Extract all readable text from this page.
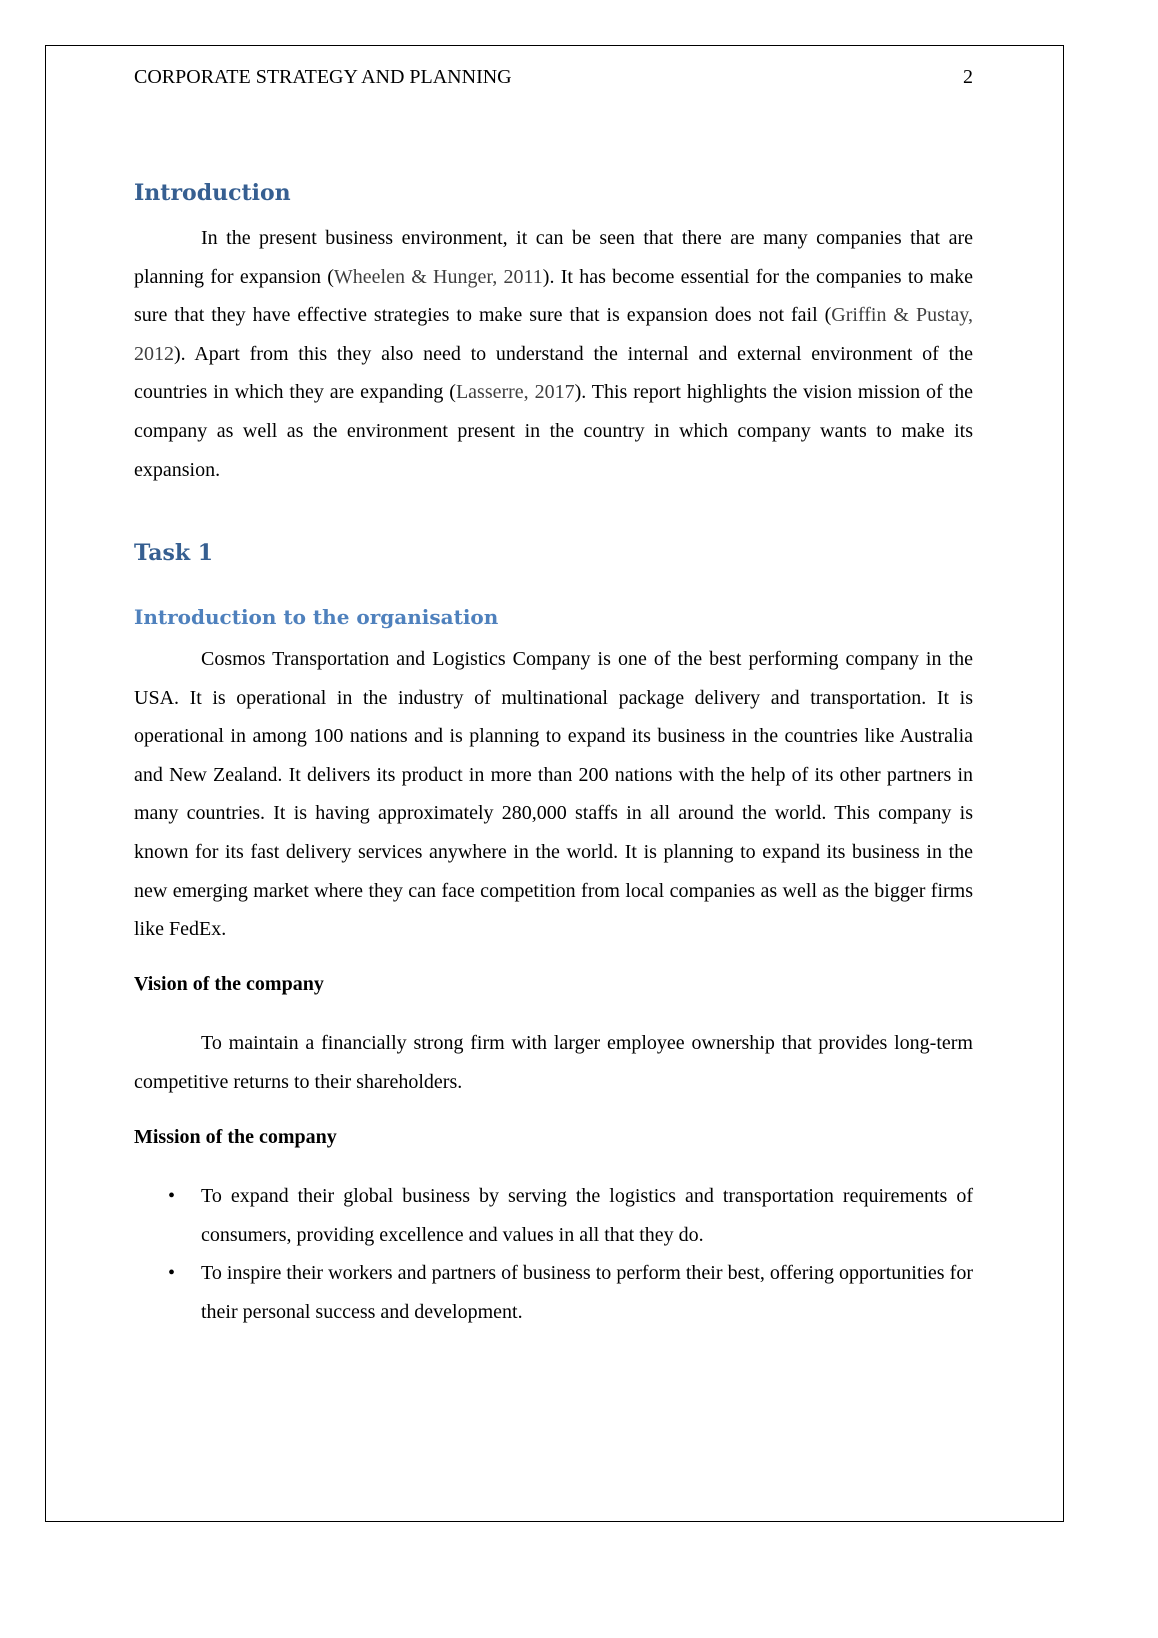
CORPORATE STRATEGY AND PLANNING	2
Introduction
In the present business environment, it can be seen that there are many companies that are planning for expansion (Wheelen & Hunger, 2011). It has become essential for the companies to make sure that they have effective strategies to make sure that is expansion does not fail (Griffin & Pustay, 2012). Apart from this they also need to understand the internal and external environment of the countries in which they are expanding (Lasserre, 2017). This report highlights the vision mission of the company as well as the environment present in the country in which company wants to make its expansion.
Task 1
Introduction to the organisation
Cosmos Transportation and Logistics Company is one of the best performing company in the USA. It is operational in the industry of multinational package delivery and transportation. It is operational in among 100 nations and is planning to expand its business in the countries like Australia and New Zealand. It delivers its product in more than 200 nations with the help of its other partners in many countries. It is having approximately 280,000 staffs in all around the world. This company is known for its fast delivery services anywhere in the world. It is planning to expand its business in the new emerging market where they can face competition from local companies as well as the bigger firms like FedEx.
Vision of the company
To maintain a financially strong firm with larger employee ownership that provides long-term competitive returns to their shareholders.
Mission of the company
• To expand their global business by serving the logistics and transportation requirements of consumers, providing excellence and values in all that they do.
• To inspire their workers and partners of business to perform their best, offering opportunities for their personal success and development.
